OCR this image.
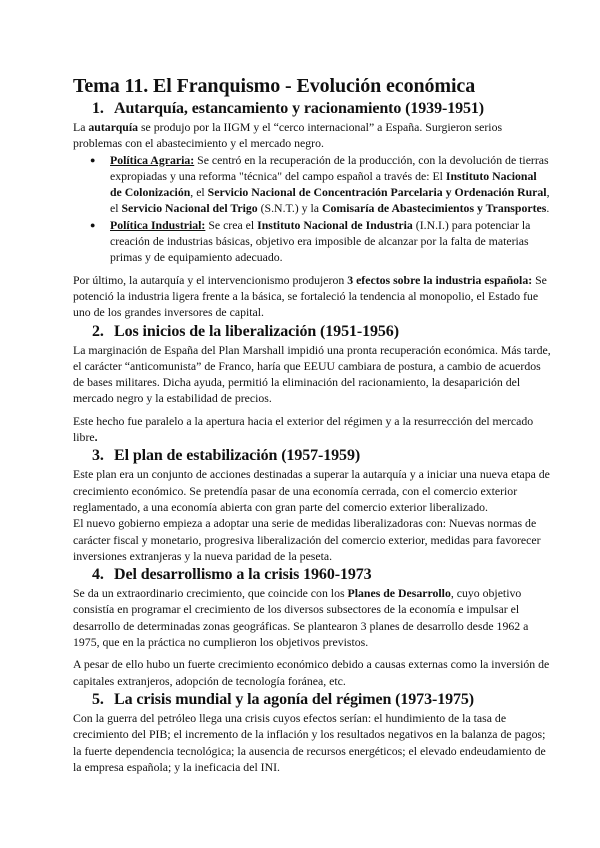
Tema 11. El Franquismo - Evolución económica
1. Autarquía, estancamiento y racionamiento (1939-1951)

La autarquía se produjo por la IIGM y el “cerco internacional” a España. Surgieron serios problemas con el abastecimiento y el mercado negro.

● Política Agraria: Se centró en la recuperación de la producción, con la devolución de tierras expropiadas y una reforma "técnica" del campo español a través de: El Instituto Nacional de Colonización, el Servicio Nacional de Concentración Parcelaria y Ordenación Rural, el Servicio Nacional del Trigo (S.N.T.) y la Comisaría de Abastecimientos y Transportes.
● Política Industrial: Se crea el Instituto Nacional de Industria (I.N.I.) para potenciar la creación de industrias básicas, objetivo era imposible de alcanzar por la falta de materias primas y de equipamiento adecuado.

Por último, la autarquía y el intervencionismo produjeron 3 efectos sobre la industria española: Se potenció la industria ligera frente a la básica, se fortaleció la tendencia al monopolio, el Estado fue uno de los grandes inversores de capital.

2. Los inicios de la liberalización (1951-1956)

La marginación de España del Plan Marshall impidió una pronta recuperación económica. Más tarde, el carácter “anticomunista” de Franco, haría que EEUU cambiara de postura, a cambio de acuerdos de bases militares. Dicha ayuda, permitió la eliminación del racionamiento, la desaparición del mercado negro y la estabilidad de precios.

Este hecho fue paralelo a la apertura hacia el exterior del régimen y a la resurrección del mercado libre.

3. El plan de estabilización (1957-1959)

Este plan era un conjunto de acciones destinadas a superar la autarquía y a iniciar una nueva etapa de crecimiento económico. Se pretendía pasar de una economía cerrada, con el comercio exterior reglamentado, a una economía abierta con gran parte del comercio exterior liberalizado.

El nuevo gobierno empieza a adoptar una serie de medidas liberalizadoras con: Nuevas normas de carácter fiscal y monetario, progresiva liberalización del comercio exterior, medidas para favorecer inversiones extranjeras y la nueva paridad de la peseta.

4. Del desarrollismo a la crisis 1960-1973

Se da un extraordinario crecimiento, que coincide con los Planes de Desarrollo, cuyo objetivo consistía en programar el crecimiento de los diversos subsectores de la economía e impulsar el desarrollo de determinadas zonas geográficas. Se plantearon 3 planes de desarrollo desde 1962 a 1975, que en la práctica no cumplieron los objetivos previstos.

A pesar de ello hubo un fuerte crecimiento económico debido a causas externas como la inversión de capitales extranjeros, adopción de tecnología foránea, etc.

5. La crisis mundial y la agonía del régimen (1973-1975)

Con la guerra del petróleo llega una crisis cuyos efectos serían: el hundimiento de la tasa de crecimiento del PIB; el incremento de la inflación y los resultados negativos en la balanza de pagos; la fuerte dependencia tecnológica; la ausencia de recursos energéticos; el elevado endeudamiento de la empresa española; y la ineficacia del INI.
